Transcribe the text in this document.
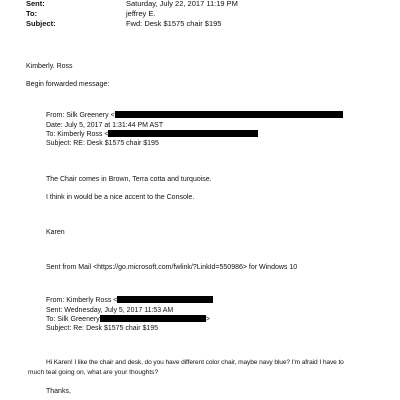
Sent:	Saturday, July 22, 2017 11:19 PM
To:	jeffrey E.
Subject:	Fwd: Desk $1575 chair $195
Kimberly. Ross
Begin forwarded message:
From: Silk Greenery <
Date: July 5, 2017 at 1:31:44 PM AST
To: Kimberly Ross <
Subject: RE: Desk $1575 chair $195
The Chair comes in Brown, Terra cotta and turquoise.
I think in would be a nice accent to the Console.
Karen
Sent from Mail <https://go.microsoft.com/fwlink/?LinkId=550986> for Windows 10
From: Kimberly Ross <
Sent: Wednesday, July 5, 2017 11:53 AM
To: Silk Greenery	>
Subject: Re: Desk $1575 chair $195
Hi Karen! I like the chair and desk, do you have different color chair, maybe navy blue? I'm afraid I have to
much teal going on, what are your thoughts?
Thanks,
